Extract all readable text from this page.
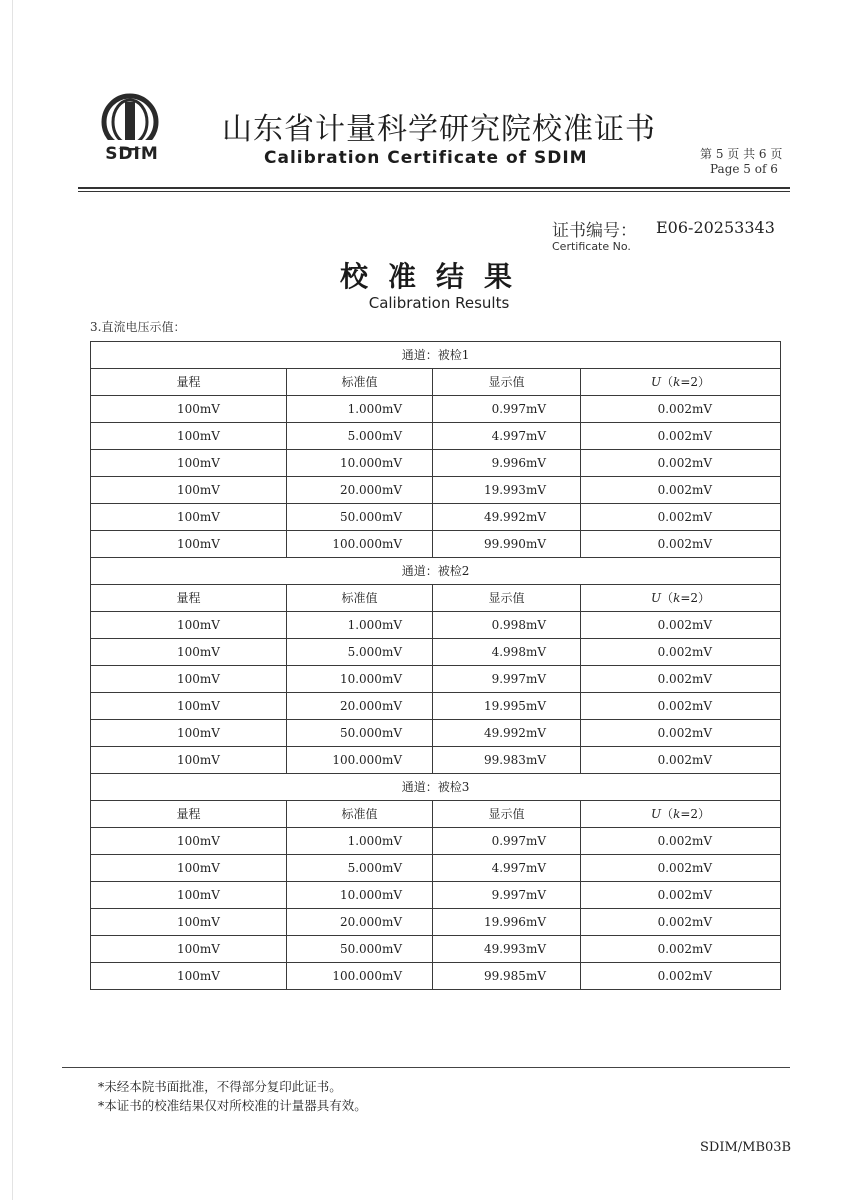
SDIM
山东省计量科学研究院校准证书
Calibration Certificate of SDIM	第 5 页 共 6 页
Page 5 of 6
证书编号： E06-20253343
Certificate No.
校准结果
Calibration Results
3.直流电压示值：
通道：被检1			
量程	标准值	显示值	U（k=2）
100mV	1.000mV	0.997mV	0.002mV
100mV	5.000mV	4.997mV	0.002mV
100mV	10.000mV	9.996mV	0.002mV
100mV	20.000mV	19.993mV	0.002mV
100mV	50.000mV	49.992mV	0.002mV
100mV	100.000mV	99.990mV	0.002mV
通道：被检2			
量程	标准值	显示值	U（k=2）
100mV	1.000mV	0.998mV	0.002mV
100mV	5.000mV	4.998mV	0.002mV
100mV	10.000mV	9.997mV	0.002mV
100mV	20.000mV	19.995mV	0.002mV
100mV	50.000mV	49.992mV	0.002mV
100mV	100.000mV	99.983mV	0.002mV
通道：被检3			
量程	标准值	显示值	U（k=2）
100mV	1.000mV	0.997mV	0.002mV
100mV	5.000mV	4.997mV	0.002mV
100mV	10.000mV	9.997mV	0.002mV
100mV	20.000mV	19.996mV	0.002mV
100mV	50.000mV	49.993mV	0.002mV
100mV	100.000mV	99.985mV	0.002mV
*未经本院书面批准，不得部分复印此证书。
*本证书的校准结果仅对所校准的计量器具有效。
SDIM/MB03B
